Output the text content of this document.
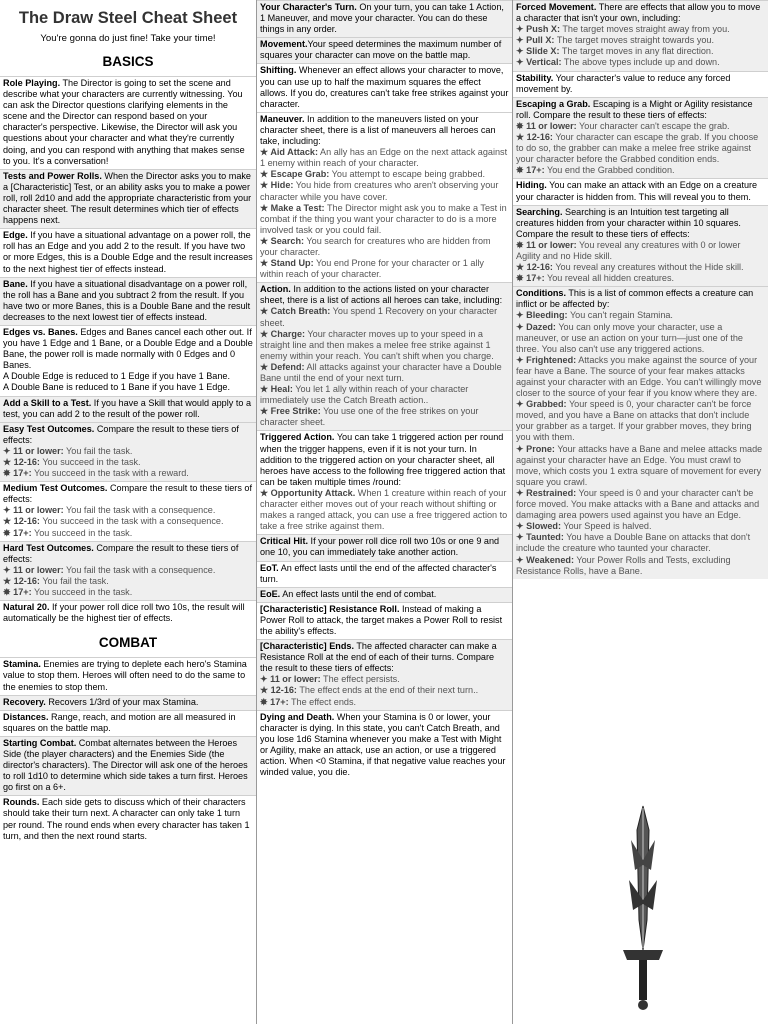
The Draw Steel Cheat Sheet
You're gonna do just fine! Take your time!
BASICS
Role Playing. The Director is going to set the scene and describe what your characters are currently witnessing. You can ask the Director questions clarifying elements in the scene and the Director can respond based on your character's perspective. Likewise, the Director will ask you questions about your character and what they're currently doing, and you can respond with anything that makes sense to you. It's a conversation!
Tests and Power Rolls. When the Director asks you to make a [Characteristic] Test, or an ability asks you to make a power roll, roll 2d10 and add the appropriate characteristic from your character sheet. The result determines which tier of effects happens next.
Edge. If you have a situational advantage on a power roll, the roll has an Edge and you add 2 to the result. If you have two or more Edges, this is a Double Edge and the result increases to the next highest tier of effects instead.
Bane. If you have a situational disadvantage on a power roll, the roll has a Bane and you subtract 2 from the result. If you have two or more Banes, this is a Double Bane and the result decreases to the next lowest tier of effects instead.
Edges vs. Banes. Edges and Banes cancel each other out. If you have 1 Edge and 1 Bane, or a Double Edge and a Double Bane, the power roll is made normally with 0 Edges and 0 Banes.
A Double Edge is reduced to 1 Edge if you have 1 Bane.
A Double Bane is reduced to 1 Bane if you have 1 Edge.
Add a Skill to a Test. If you have a Skill that would apply to a test, you can add 2 to the result of the power roll.
Easy Test Outcomes. Compare the result to these tiers of effects:
✦ 11 or lower: You fail the task.
★ 12-16: You succeed in the task.
✸ 17+: You succeed in the task with a reward.
Medium Test Outcomes. Compare the result to these tiers of effects:
✦ 11 or lower: You fail the task with a consequence.
★ 12-16: You succeed in the task with a consequence.
✸ 17+: You succeed in the task.
Hard Test Outcomes. Compare the result to these tiers of effects:
✦ 11 or lower: You fail the task with a consequence.
★ 12-16: You fail the task.
✸ 17+: You succeed in the task.
Natural 20. If your power roll dice roll two 10s, the result will automatically be the highest tier of effects.
COMBAT
Stamina. Enemies are trying to deplete each hero's Stamina value to stop them. Heroes will often need to do the same to the enemies to stop them.
Recovery. Recovers 1/3rd of your max Stamina.
Distances. Range, reach, and motion are all measured in squares on the battle map.
Starting Combat. Combat alternates between the Heroes Side (the player characters) and the Enemies Side (the director's characters). The Director will ask one of the heroes to roll 1d10 to determine which side takes a turn first. Heroes go first on a 6+.
Rounds. Each side gets to discuss which of their characters should take their turn next. A character can only take 1 turn per round. The round ends when every character has taken 1 turn, and then the next round starts.
Your Character's Turn. On your turn, you can take 1 Action, 1 Maneuver, and move your character. You can do these things in any order.
Movement.Your speed determines the maximum number of squares your character can move on the battle map.
Shifting. Whenever an effect allows your character to move, you can use up to half the maximum squares the effect allows. If you do, creatures can't take free strikes against your character.
Maneuver. In addition to the maneuvers listed on your character sheet, there is a list of maneuvers all heroes can take, including:
★ Aid Attack: An ally has an Edge on the next attack against 1 enemy within reach of your character.
★ Escape Grab: You attempt to escape being grabbed.
★ Hide: You hide from creatures who aren't observing your character while you have cover.
★ Make a Test: The Director might ask you to make a Test in combat if the thing you want your character to do is a more involved task or you could fail.
★ Search: You search for creatures who are hidden from your character.
★ Stand Up: You end Prone for your character or 1 ally within reach of your character.
Action. In addition to the actions listed on your character sheet, there is a list of actions all heroes can take, including:
★ Catch Breath: You spend 1 Recovery on your character sheet.
★ Charge: Your character moves up to your speed in a straight line and then makes a melee free strike against 1 enemy within your reach. You can't shift when you charge.
★ Defend: All attacks against your character have a Double Bane until the end of your next turn.
★ Heal: You let 1 ally within reach of your character immediately use the Catch Breath action..
★ Free Strike: You use one of the free strikes on your character sheet.
Triggered Action. You can take 1 triggered action per round when the trigger happens, even if it is not your turn. In addition to the triggered action on your character sheet, all heroes have access to the following free triggered action that can be taken multiple times /round:
★ Opportunity Attack. When 1 creature within reach of your character either moves out of your reach without shifting or makes a ranged attack, you can use a free triggered action to take a free strike against them.
Critical Hit. If your power roll dice roll two 10s or one 9 and one 10, you can immediately take another action.
EoT. An effect lasts until the end of the affected character's turn.
EoE. An effect lasts until the end of combat.
[Characteristic] Resistance Roll. Instead of making a Power Roll to attack, the target makes a Power Roll to resist the ability's effects.
[Characteristic] Ends. The affected character can make a Resistance Roll at the end of each of their turns. Compare the result to these tiers of effects:
✦ 11 or lower: The effect persists.
★ 12-16: The effect ends at the end of their next turn..
✸ 17+: The effect ends.
Dying and Death. When your Stamina is 0 or lower, your character is dying. In this state, you can't Catch Breath, and you lose 1d6 Stamina whenever you make a Test with Might or Agility, make an attack, use an action, or use a triggered action. When <0 Stamina, if that negative value reaches your winded value, you die.
Forced Movement. There are effects that allow you to move a character that isn't your own, including:
✦ Push X: The target moves straight away from you.
✦ Pull X: The target moves straight towards you.
✦ Slide X: The target moves in any flat direction.
✦ Vertical: The above types include up and down.
Stability. Your character's value to reduce any forced movement by.
Escaping a Grab. Escaping is a Might or Agility resistance roll. Compare the result to these tiers of effects:
✸ 11 or lower: Your character can't escape the grab.
★ 12-16: Your character can escape the grab. If you choose to do so, the grabber can make a melee free strike against your character before the Grabbed condition ends.
✸ 17+: You end the Grabbed condition.
Hiding. You can make an attack with an Edge on a creature your character is hidden from. This will reveal you to them.
Searching. Searching is an Intuition test targeting all creatures hidden from your character within 10 squares. Compare the result to these tiers of effects:
✸ 11 or lower: You reveal any creatures with 0 or lower Agility and no Hide skill.
★ 12-16: You reveal any creatures without the Hide skill.
✸ 17+: You reveal all hidden creatures.
Conditions. This is a list of common effects a creature can inflict or be affected by:
✦ Bleeding: You can't regain Stamina.
✦ Dazed: You can only move your character, use a maneuver, or use an action on your turn—just one of the three. You also can't use any triggered actions.
✦ Frightened: Attacks you make against the source of your fear have a Bane. The source of your fear makes attacks against your character with an Edge. You can't willingly move closer to the source of your fear if you know where they are.
✦ Grabbed: Your speed is 0, your character can't be force moved, and you have a Bane on attacks that don't include your grabber as a target. If your grabber moves, they bring you with them.
✦ Prone: Your attacks have a Bane and melee attacks made against your character have an Edge. You must crawl to move, which costs you 1 extra square of movement for every square you crawl.
✦ Restrained: Your speed is 0 and your character can't be force moved. You make attacks with a Bane and attacks and damaging area powers used against you have an Edge.
✦ Slowed: Your Speed is halved.
✦ Taunted: You have a Double Bane on attacks that don't include the creature who taunted your character.
✦ Weakened: Your Power Rolls and Tests, excluding Resistance Rolls, have a Bane.
